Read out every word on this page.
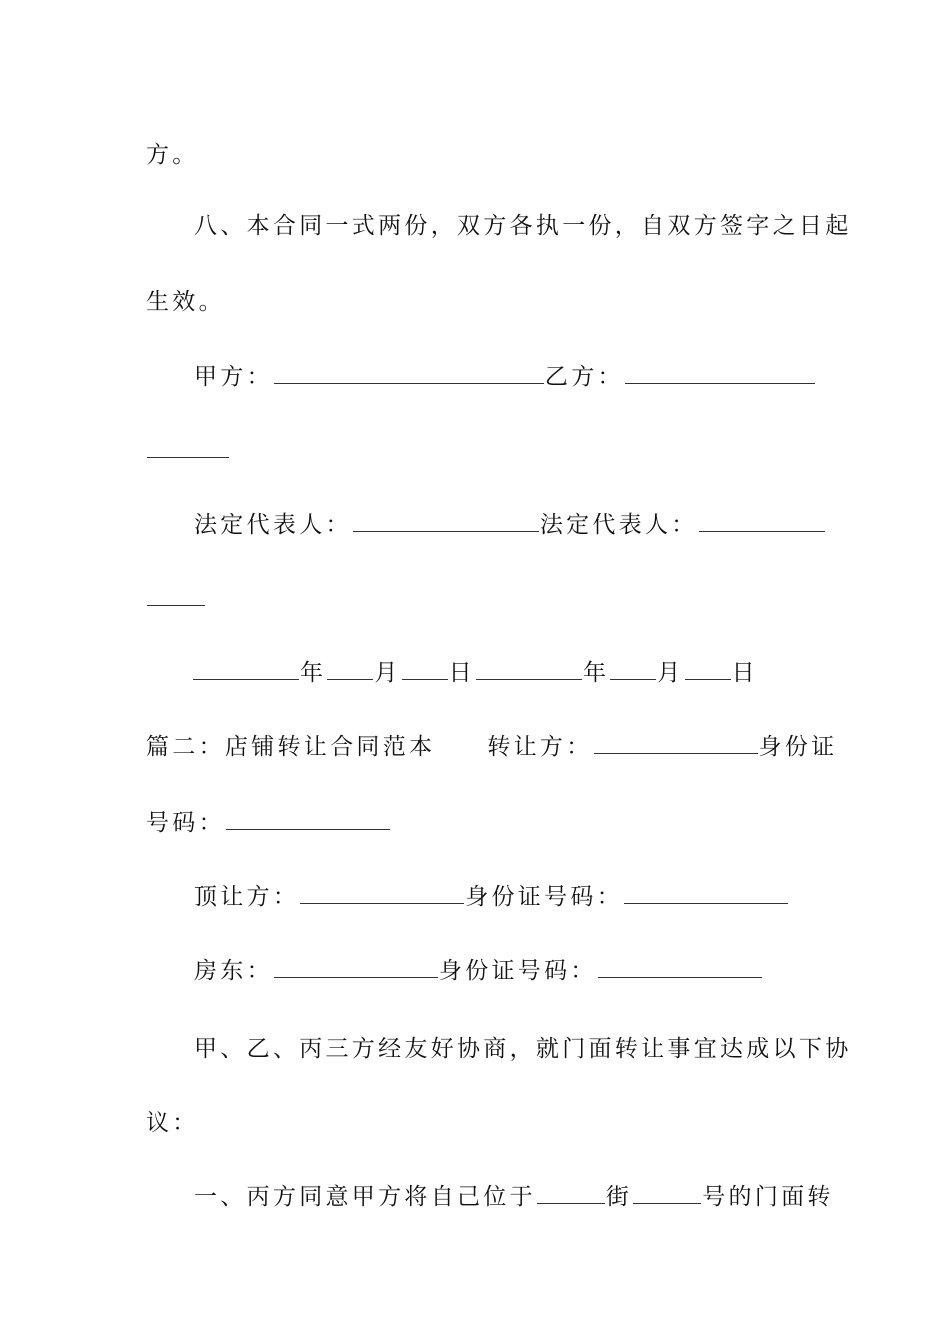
方。
八、本合同一式两份，双方各执一份，自双方签字之日起
生效。
甲方：	乙方：
法定代表人：	法定代表人：
年 月 日	年 月 日
篇二：店铺转让合同范本 转让方：	身份证
号码：
顶让方：	身份证号码：
房东：	身份证号码：
甲、乙、丙三方经友好协商，就门面转让事宜达成以下协
议：
一、丙方同意甲方将自己位于	街	号的门面转
